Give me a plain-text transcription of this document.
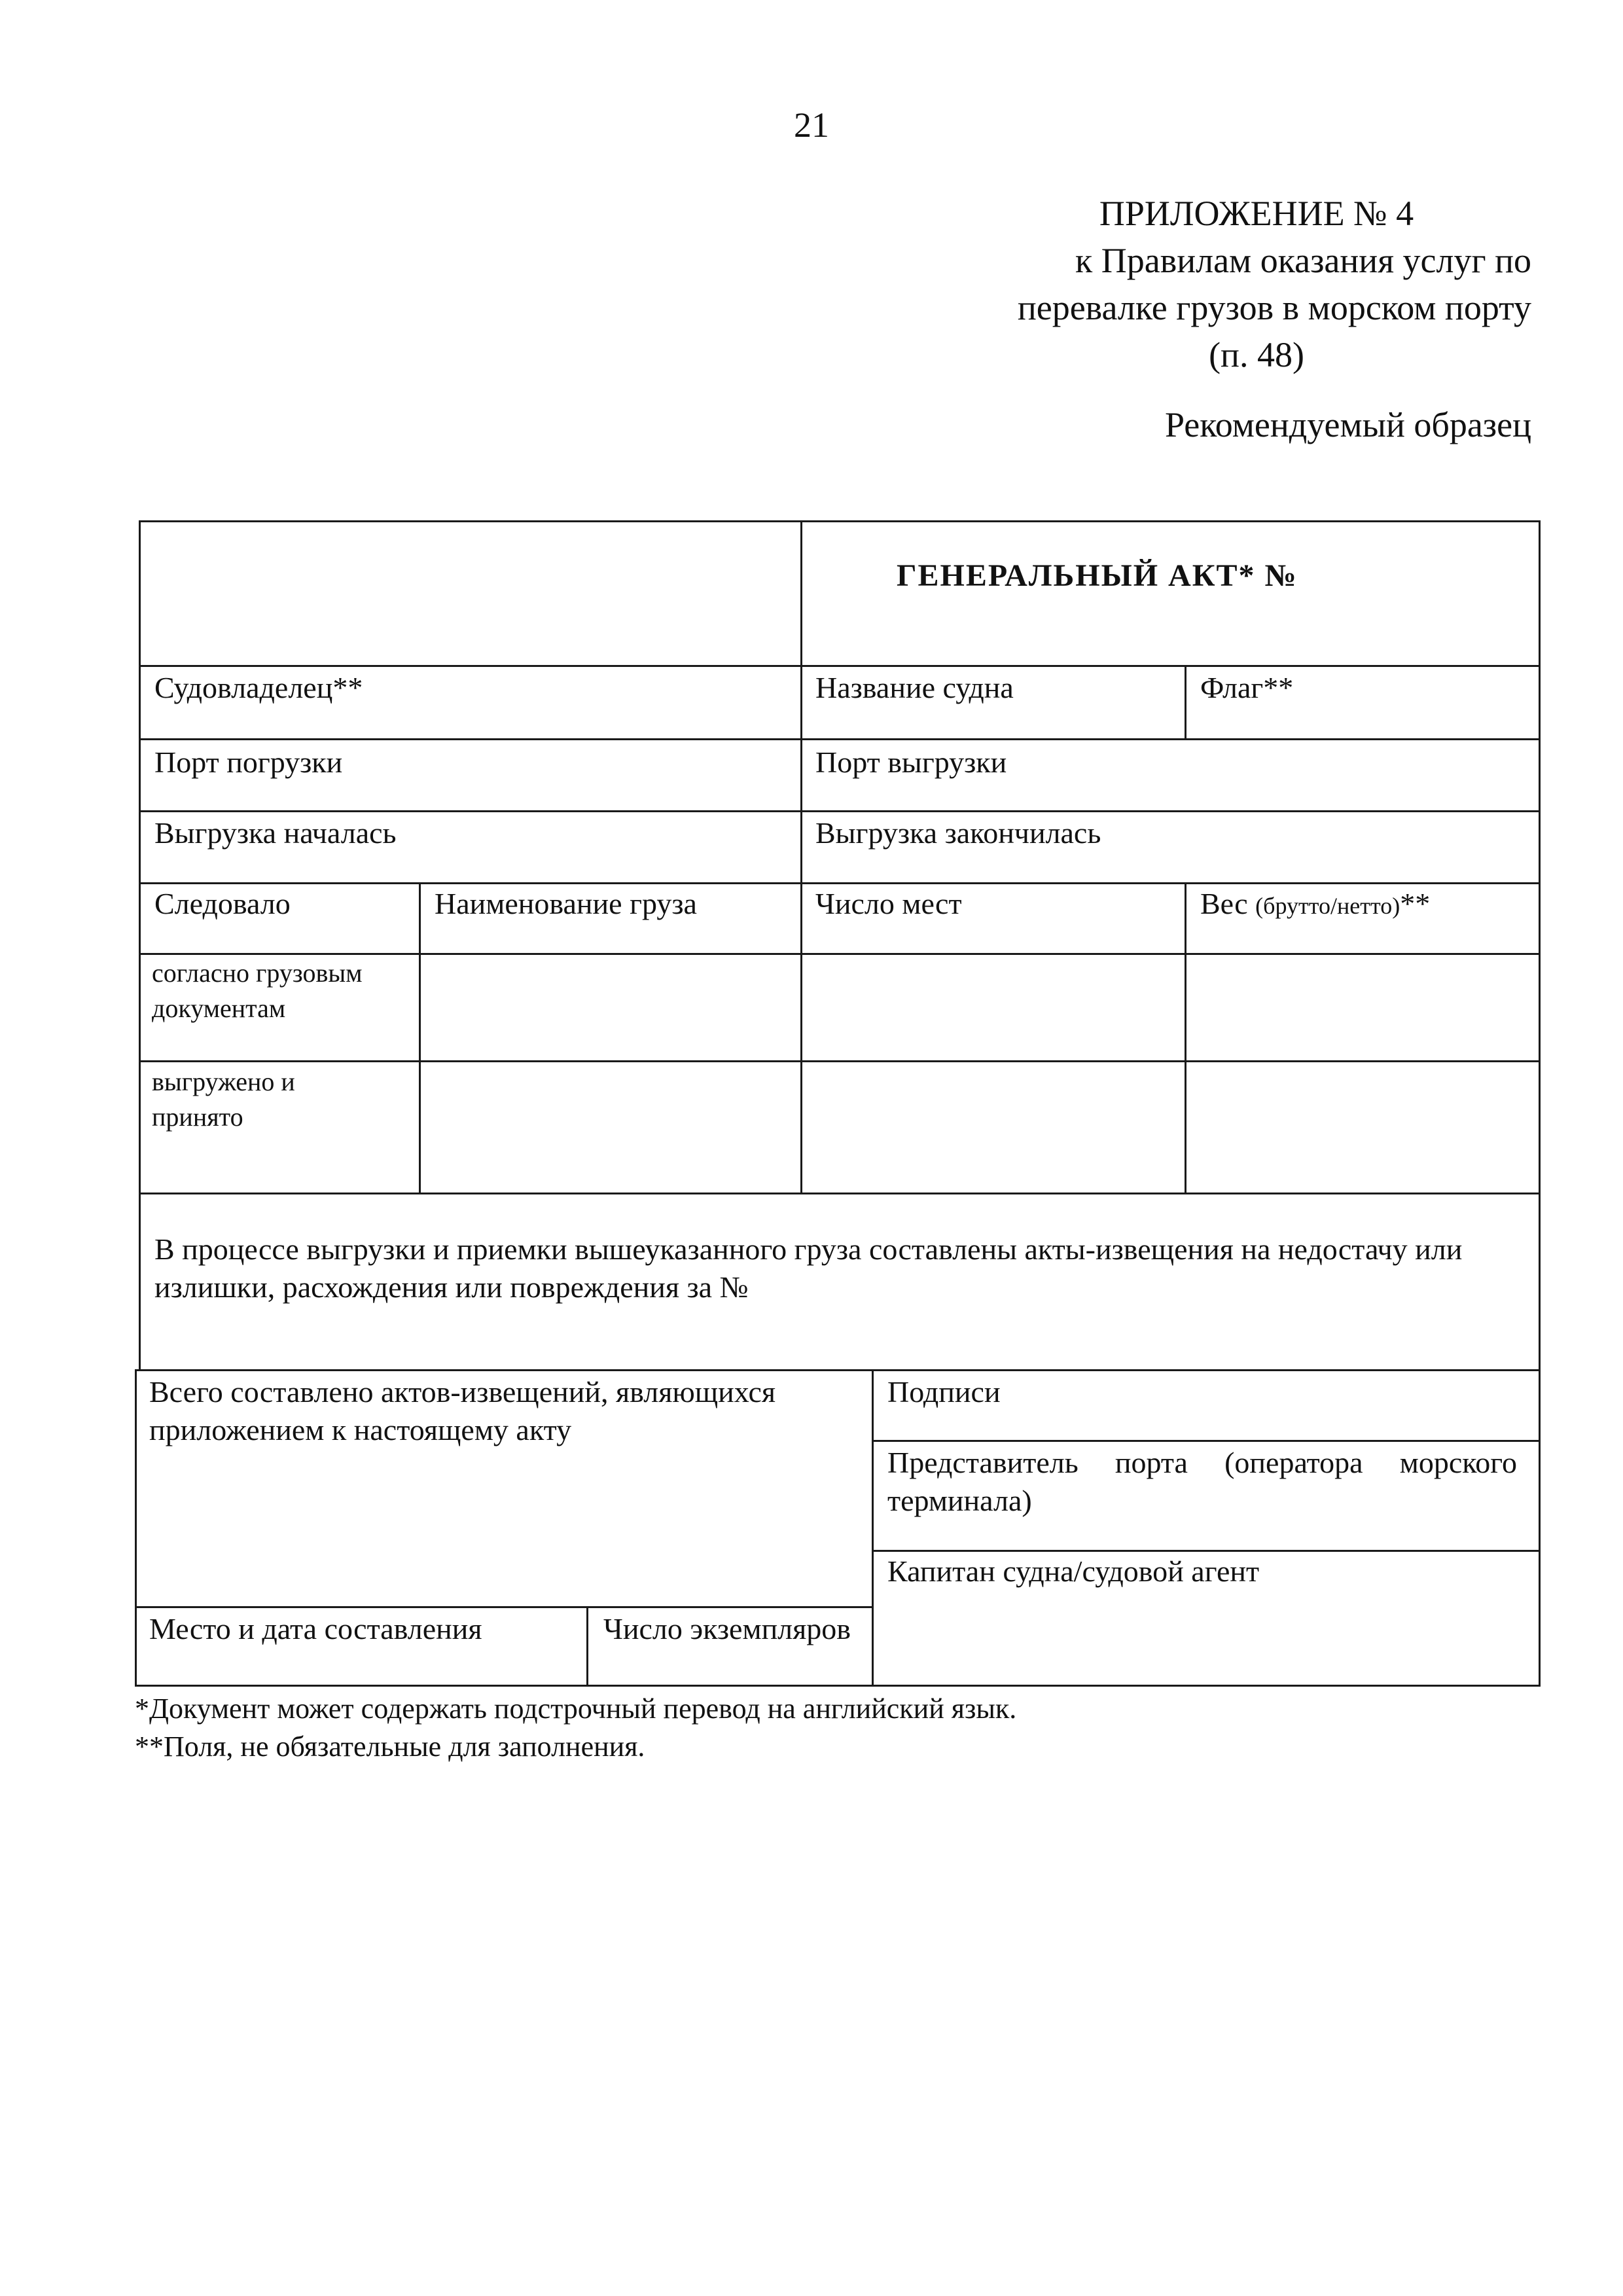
21
ПРИЛОЖЕНИЕ № 4
к Правилам оказания услуг по
перевалке грузов в морском порту
(п. 48)
Рекомендуемый образец
ГЕНЕРАЛЬНЫЙ АКТ* №
Судовладелец**	Название судна	Флаг**
Порт погрузки	Порт выгрузки
Выгрузка началась	Выгрузка закончилась
Следовало	Наименование груза	Число мест	Вес (брутто/нетто)**
согласно грузовым документам
выгружено и принято
В процессе выгрузки и приемки вышеуказанного груза составлены акты-извещения на недостачу или излишки, расхождения или повреждения за №
Всего составлено актов-извещений, являющихся приложением к настоящему акту
Подписи
Представитель порта (оператора морского терминала)
Капитан судна/судовой агент
Место и дата составления	Число экземпляров
*Документ может содержать подстрочный перевод на английский язык.
**Поля, не обязательные для заполнения.
